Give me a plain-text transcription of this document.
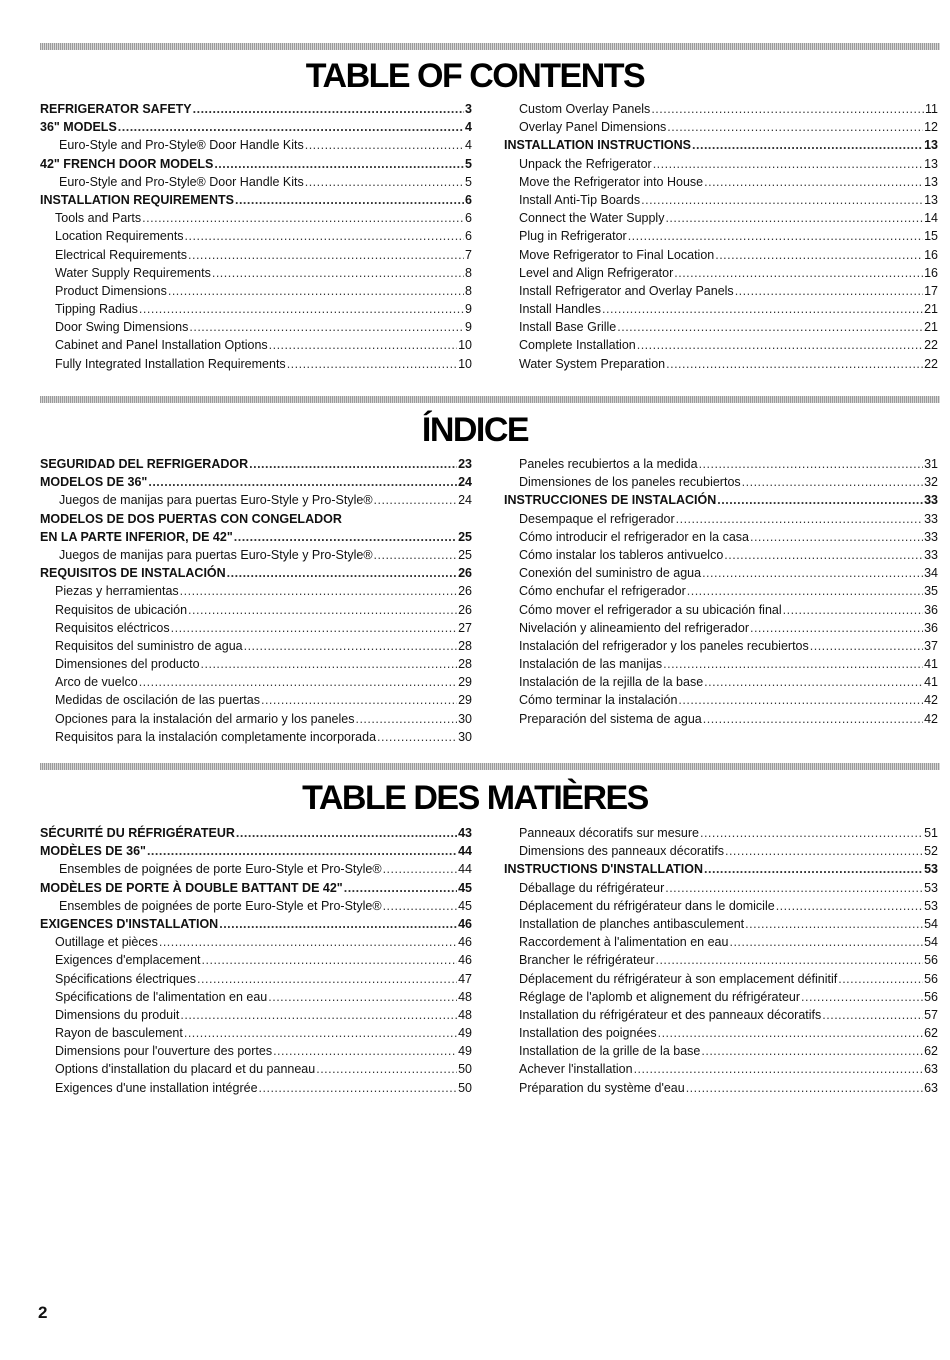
TABLE OF CONTENTS
REFRIGERATOR SAFETY .....	3
36" MODELS .....	4
Euro-Style and Pro-Style® Door Handle Kits .....	4
42" FRENCH DOOR MODELS .....	5
Euro-Style and Pro-Style® Door Handle Kits .....	5
INSTALLATION REQUIREMENTS .....	6
Tools and Parts .....	6
Location Requirements .....	6
Electrical Requirements .....	7
Water Supply Requirements .....	8
Product Dimensions .....	8
Tipping Radius .....	9
Door Swing Dimensions .....	9
Cabinet and Panel Installation Options .....	10
Fully Integrated Installation Requirements .....	10
Custom Overlay Panels .....	11
Overlay Panel Dimensions .....	12
INSTALLATION INSTRUCTIONS .....	13
Unpack the Refrigerator .....	13
Move the Refrigerator into House .....	13
Install Anti-Tip Boards .....	13
Connect the Water Supply .....	14
Plug in Refrigerator .....	15
Move Refrigerator to Final Location .....	16
Level and Align Refrigerator .....	16
Install Refrigerator and Overlay Panels .....	17
Install Handles .....	21
Install Base Grille .....	21
Complete Installation .....	22
Water System Preparation .....	22
ÍNDICE
SEGURIDAD DEL REFRIGERADOR .....	23
MODELOS DE 36" .....	24
Juegos de manijas para puertas Euro-Style y Pro-Style® .....	24
MODELOS DE DOS PUERTAS CON CONGELADOR
EN LA PARTE INFERIOR, DE 42" .....	25
Juegos de manijas para puertas Euro-Style y Pro-Style® .....	25
REQUISITOS DE INSTALACIÓN .....	26
Piezas y herramientas .....	26
Requisitos de ubicación .....	26
Requisitos eléctricos .....	27
Requisitos del suministro de agua .....	28
Dimensiones del producto .....	28
Arco de vuelco .....	29
Medidas de oscilación de las puertas .....	29
Opciones para la instalación del armario y los paneles .....	30
Requisitos para la instalación completamente incorporada .....	30
Paneles recubiertos a la medida .....	31
Dimensiones de los paneles recubiertos .....	32
INSTRUCCIONES DE INSTALACIÓN .....	33
Desempaque el refrigerador .....	33
Cómo introducir el refrigerador en la casa .....	33
Cómo instalar los tableros antivuelco .....	33
Conexión del suministro de agua .....	34
Cómo enchufar el refrigerador .....	35
Cómo mover el refrigerador a su ubicación final .....	36
Nivelación y alineamiento del refrigerador .....	36
Instalación del refrigerador y los paneles recubiertos .....	37
Instalación de las manijas .....	41
Instalación de la rejilla de la base .....	41
Cómo terminar la instalación .....	42
Preparación del sistema de agua .....	42
TABLE DES MATIÈRES
SÉCURITÉ DU RÉFRIGÉRATEUR .....	43
MODÈLES DE 36" .....	44
Ensembles de poignées de porte Euro-Style et Pro-Style® .....	44
MODÈLES DE PORTE À DOUBLE BATTANT DE 42" .....	45
Ensembles de poignées de porte Euro-Style et Pro-Style® .....	45
EXIGENCES D'INSTALLATION .....	46
Outillage et pièces .....	46
Exigences d'emplacement .....	46
Spécifications électriques .....	47
Spécifications de l'alimentation en eau .....	48
Dimensions du produit .....	48
Rayon de basculement .....	49
Dimensions pour l'ouverture des portes .....	49
Options d'installation du placard et du panneau .....	50
Exigences d'une installation intégrée .....	50
Panneaux décoratifs sur mesure .....	51
Dimensions des panneaux décoratifs .....	52
INSTRUCTIONS D'INSTALLATION .....	53
Déballage du réfrigérateur .....	53
Déplacement du réfrigérateur dans le domicile .....	53
Installation de planches antibasculement .....	54
Raccordement à l'alimentation en eau .....	54
Brancher le réfrigérateur .....	56
Déplacement du réfrigérateur à son emplacement définitif .....	56
Réglage de l'aplomb et alignement du réfrigérateur .....	56
Installation du réfrigérateur et des panneaux décoratifs .....	57
Installation des poignées .....	62
Installation de la grille de la base .....	62
Achever l'installation .....	63
Préparation du système d'eau .....	63
2
